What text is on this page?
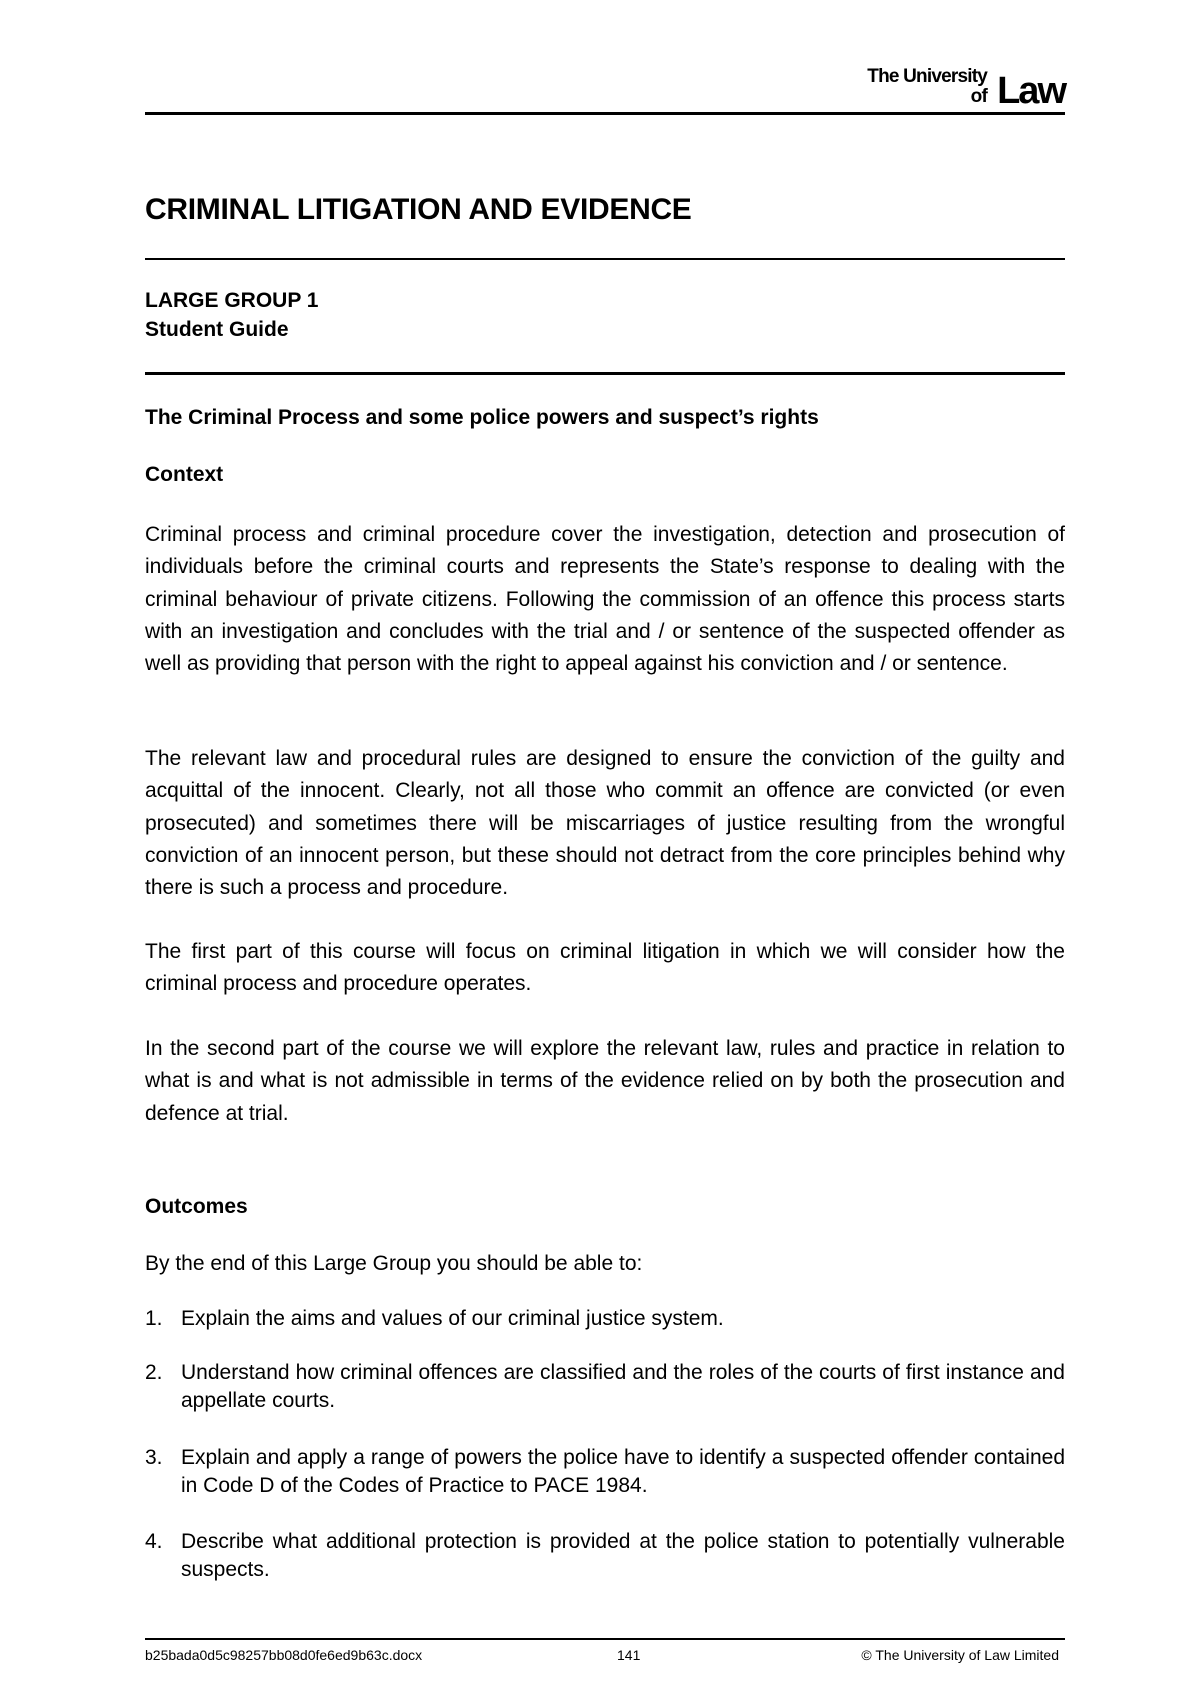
The University
of Law
CRIMINAL LITIGATION AND EVIDENCE
LARGE GROUP 1
Student Guide
The Criminal Process and some police powers and suspect’s rights
Context
Criminal process and criminal procedure cover the investigation, detection and prosecution of individuals before the criminal courts and represents the State’s response to dealing with the criminal behaviour of private citizens. Following the commission of an offence this process starts with an investigation and concludes with the trial and / or sentence of the suspected offender as well as providing that person with the right to appeal against his conviction and / or sentence.
The relevant law and procedural rules are designed to ensure the conviction of the guilty and acquittal of the innocent. Clearly, not all those who commit an offence are convicted (or even prosecuted) and sometimes there will be miscarriages of justice resulting from the wrongful conviction of an innocent person, but these should not detract from the core principles behind why there is such a process and procedure.
The first part of this course will focus on criminal litigation in which we will consider how the criminal process and procedure operates.
In the second part of the course we will explore the relevant law, rules and practice in relation to what is and what is not admissible in terms of the evidence relied on by both the prosecution and defence at trial.
Outcomes
By the end of this Large Group you should be able to:
1. Explain the aims and values of our criminal justice system.
2. Understand how criminal offences are classified and the roles of the courts of first instance and appellate courts.
3. Explain and apply a range of powers the police have to identify a suspected offender contained in Code D of the Codes of Practice to PACE 1984.
4. Describe what additional protection is provided at the police station to potentially vulnerable suspects.
b25bada0d5c98257bb08d0fe6ed9b63c.docx	141	© The University of Law Limited
